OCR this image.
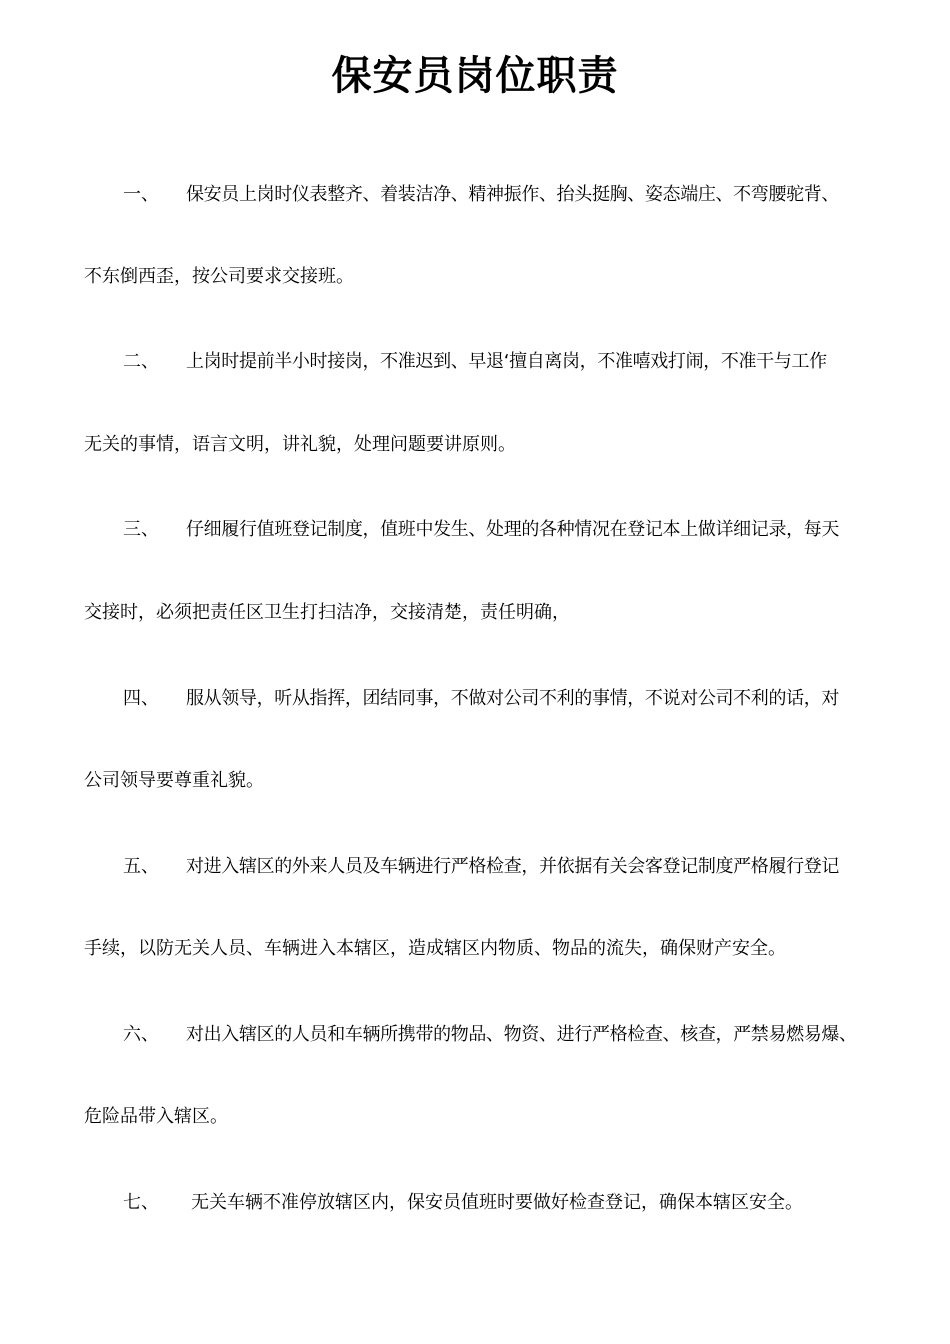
保安员岗位职责
一、 保安员上岗时仪表整齐、着装洁净、精神振作、抬头挺胸、姿态端庄、不弯腰驼背、
不东倒西歪，按公司要求交接班。
二、 上岗时提前半小时接岗，不准迟到、早退‘擅自离岗，不准嘻戏打闹，不准干与工作
无关的事情，语言文明，讲礼貌，处理问题要讲原则。
三、 仔细履行值班登记制度，值班中发生、处理的各种情况在登记本上做详细记录，每天
交接时，必须把责任区卫生打扫洁净，交接清楚，责任明确，
四、 服从领导，听从指挥，团结同事，不做对公司不利的事情，不说对公司不利的话，对
公司领导要尊重礼貌。
五、 对进入辖区的外来人员及车辆进行严格检查，并依据有关会客登记制度严格履行登记
手续，以防无关人员、车辆进入本辖区，造成辖区内物质、物品的流失，确保财产安全。
六、 对出入辖区的人员和车辆所携带的物品、物资、进行严格检查、核查，严禁易燃易爆、
危险品带入辖区。
七、 无关车辆不准停放辖区内，保安员值班时要做好检查登记，确保本辖区安全。
